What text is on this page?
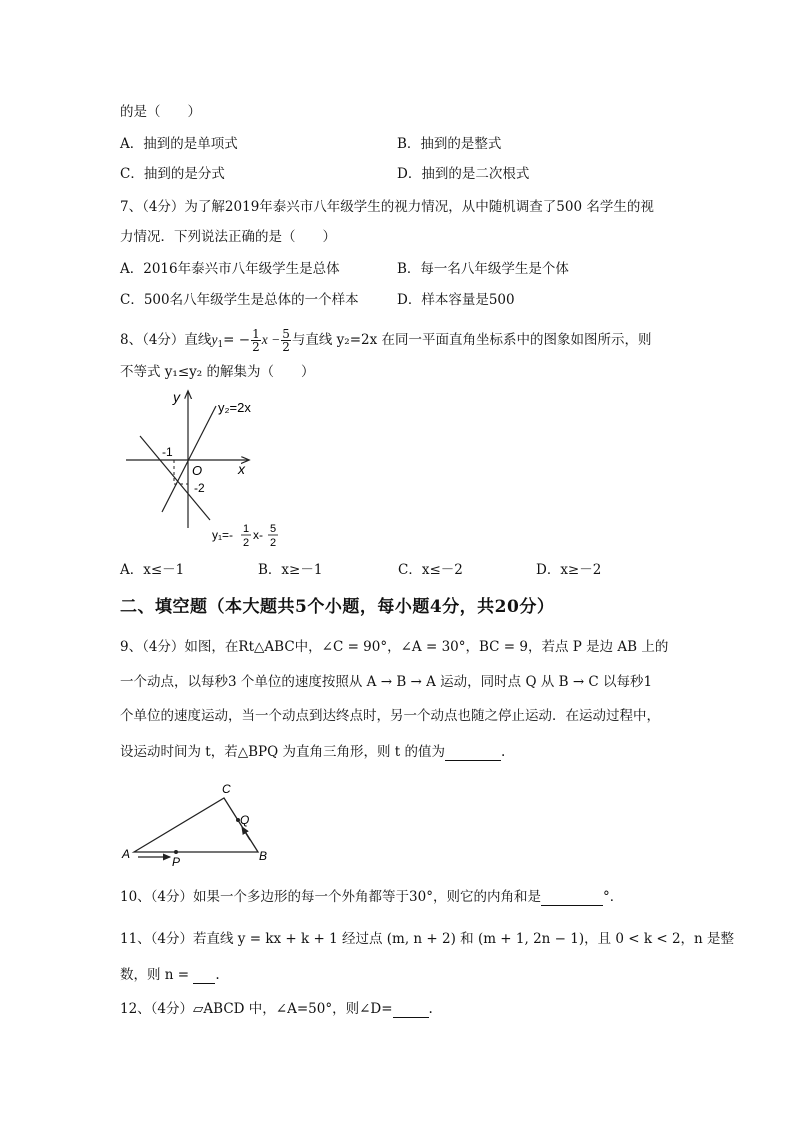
的是（　　）
A．抽到的是单项式	B．抽到的是整式
C．抽到的是分式	D．抽到的是二次根式
7、（4分）为了解2019年泰兴市八年级学生的视力情况，从中随机调查了500 名学生的视
力情况．下列说法正确的是（　　）
A．2016年泰兴市八年级学生是总体	B．每一名八年级学生是个体
C．500名八年级学生是总体的一个样本	D．样本容量是500
8、（4分）直线$y_1= - \frac{1}{2}$ $x - \frac{5}{2}$ 与直线 y₂=2x 在同一平面直角坐标系中的图象如图所示，则
不等式 y₁≤y₂ 的解集为（　　）
y
x
O
y₂=2x
-1
-2
y₁=- 1
2
x- 5
2
A．x≤－1	B．x≥－1	C．x≤－2	D．x≥－2
二、填空题（本大题共5个小题，每小题4分，共20分）
9、（4分）如图，在Rt△ABC中，∠C = 90°，∠A = 30°，BC = 9，若点 P 是边 AB 上的
一个动点，以每秒3 个单位的速度按照从 A → B → A 运动，同时点 Q 从 B → C 以每秒1
个单位的速度运动，当一个动点到达终点时，另一个动点也随之停止运动．在运动过程中，
设运动时间为 t，若△BPQ 为直角三角形，则 t 的值为	.
A	B
C
P
Q
10、（4分）如果一个多边形的每一个外角都等于30°，则它的内角和是	°．
11、（4分）若直线 y = kx + k + 1 经过点 (m, n + 2) 和 (m + 1, 2n − 1)，且 0 < k < 2，n 是整
数，则 n = .
12、（4分）▱ABCD 中，∠A=50°，则∠D=	.
